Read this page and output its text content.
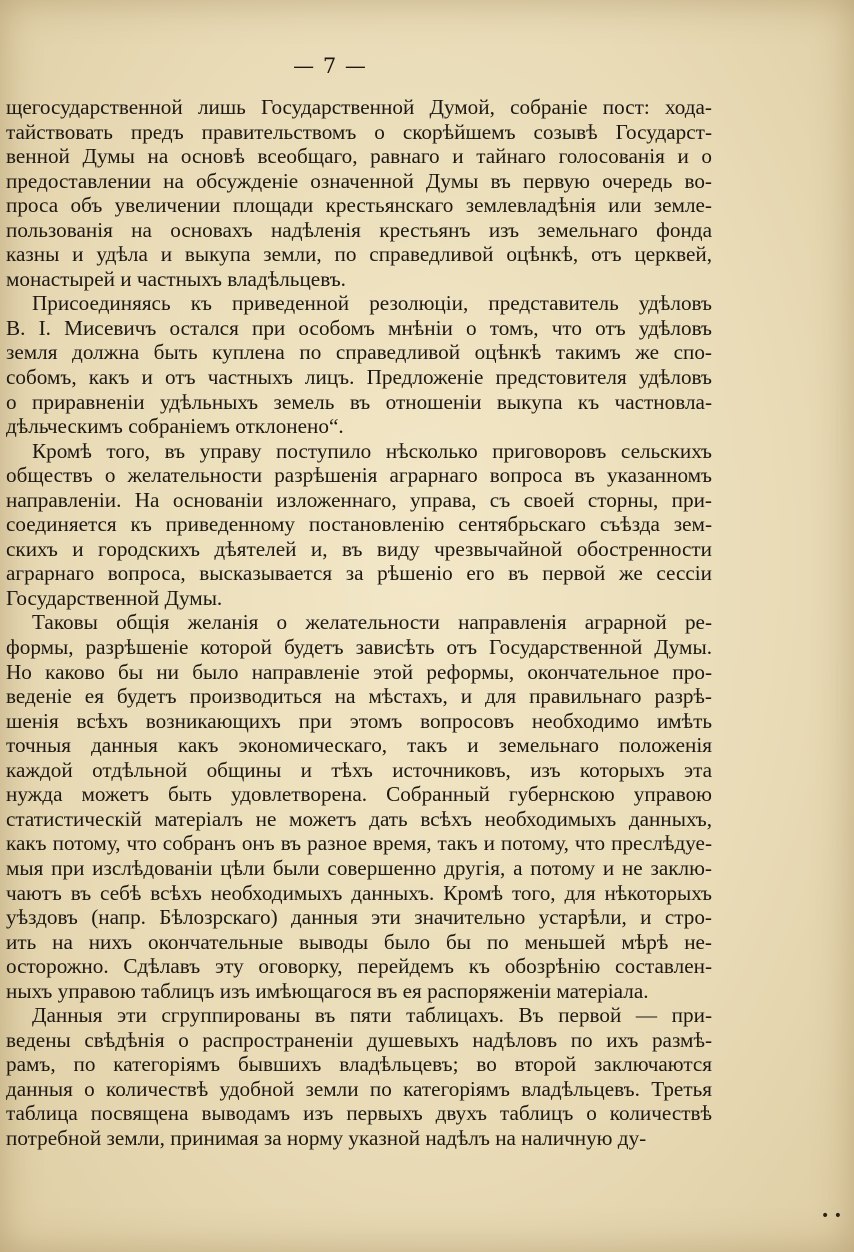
— 7 —
щегосударственной лишь Государственной Думой, собраніе пост: хода-
тайствовать предъ правительствомъ о скорѣйшемъ созывѣ Государст-
венной Думы на основѣ всеобщаго, равнаго и тайнаго голосованія и о
предоставлении на обсужденіе означенной Думы въ первую очередь во-
проса объ увеличении площади крестьянскаго землевладѣнія или земле-
пользованія на основахъ надѣленія крестьянъ изъ земельнаго фонда
казны и удѣла и выкупа земли, по справедливой оцѣнкѣ, отъ церквей,
монастырей и частныхъ владѣльцевъ.
Присоединяясь къ приведенной резолюціи, представитель удѣловъ
В. І. Мисевичъ остался при особомъ мнѣніи о томъ, что отъ удѣловъ
земля должна быть куплена по справедливой оцѣнкѣ такимъ же спо-
собомъ, какъ и отъ частныхъ лицъ. Предложеніе предстовителя удѣловъ
о приравненіи удѣльныхъ земель въ отношеніи выкупа къ частновла-
дѣльческимъ собраніемъ отклонено“.
Кромѣ того, въ управу поступило нѣсколько приговоровъ сельскихъ
обществъ о желательности разрѣшенія аграрнаго вопроса въ указанномъ
направленіи. На основаніи изложеннаго, управа, съ своей сторны, при-
соединяется къ приведенному постановленію сентябрьскаго съѣзда зем-
скихъ и городскихъ дѣятелей и, въ виду чрезвычайной обостренности
аграрнаго вопроса, высказывается за рѣшеніо его въ первой же сессіи
Государственной Думы.
Таковы общія желанія о желательности направленія аграрной ре-
формы, разрѣшеніе которой будетъ зависѣть отъ Государственной Думы.
Но каково бы ни было направленіе этой реформы, окончательное про-
веденіе ея будетъ производиться на мѣстахъ, и для правильнаго разрѣ-
шенія всѣхъ возникающихъ при этомъ вопросовъ необходимо имѣть
точныя данныя какъ экономическаго, такъ и земельнаго положенія
каждой отдѣльной общины и тѣхъ источниковъ, изъ которыхъ эта
нужда можетъ быть удовлетворена. Собранный губернскою управою
статистическій матеріалъ не можетъ дать всѣхъ необходимыхъ данныхъ,
какъ потому, что собранъ онъ въ разное время, такъ и потому, что преслѣдуе-
мыя при изслѣдованіи цѣли были совершенно другія, а потому и не заклю-
чаютъ въ себѣ всѣхъ необходимыхъ данныхъ. Кромѣ того, для нѣкоторыхъ
уѣздовъ (напр. Бѣлозрскаго) данныя эти значительно устарѣли, и стро-
ить на нихъ окончательные выводы было бы по меньшей мѣрѣ не-
осторожно. Сдѣлавъ эту оговорку, перейдемъ къ обозрѣнію составлен-
ныхъ управою таблицъ изъ имѣющагося въ ея распоряженіи матеріала.
Данныя эти сгруппированы въ пяти таблицахъ. Въ первой — при-
ведены свѣдѣнія о распространеніи душевыхъ надѣловъ по ихъ размѣ-
рамъ, по категоріямъ бывшихъ владѣльцевъ; во второй заключаются
данныя о количествѣ удобной земли по категоріямъ владѣльцевъ. Третья
таблица посвящена выводамъ изъ первыхъ двухъ таблицъ о количествѣ
потребной земли, принимая за норму указной надѣлъ на наличную ду-
• •
